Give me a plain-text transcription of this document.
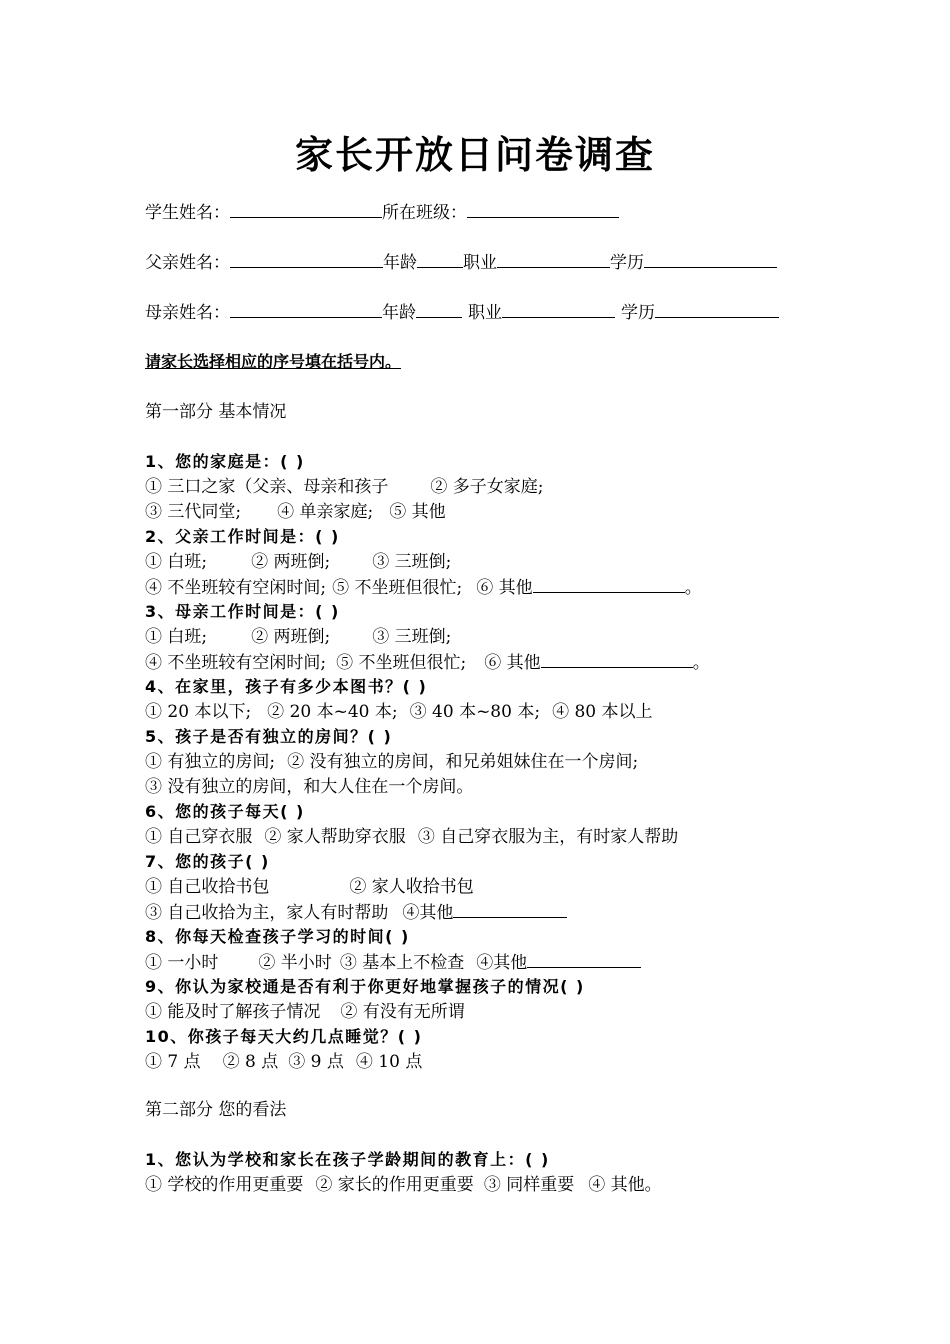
家长开放日问卷调查
学生姓名：	所在班级：
父亲姓名：	年龄	职业	学历
母亲姓名：	年龄	职业	学历
请家长选择相应的序号填在括号内。
第一部分 基本情况
1、您的家庭是：( )
① 三口之家（父亲、母亲和孩子 ② 多子女家庭;
③ 三代同堂; ④ 单亲家庭; ⑤ 其他
2、父亲工作时间是：( )
① 白班;	② 两班倒; ③ 三班倒;
④ 不坐班较有空闲时间; ⑤ 不坐班但很忙; ⑥ 其他	。
3、母亲工作时间是：( )
① 白班;	② 两班倒; ③ 三班倒;
④ 不坐班较有空闲时间; ⑤ 不坐班但很忙; ⑥ 其他	。
4、在家里，孩子有多少本图书？( )
① 20 本以下; ② 20 本~40 本; ③ 40 本~80 本; ④ 80 本以上
5、孩子是否有独立的房间？( )
① 有独立的房间; ② 没有独立的房间，和兄弟姐妹住在一个房间;
③ 没有独立的房间，和大人住在一个房间。
6、您的孩子每天( )
① 自己穿衣服 ② 家人帮助穿衣服 ③ 自己穿衣服为主，有时家人帮助
7、您的孩子( )
① 自己收拾书包	② 家人收拾书包
③ 自己收拾为主，家人有时帮助 ④其他
8、你每天检查孩子学习的时间( )
① 一小时 ② 半小时 ③ 基本上不检查 ④其他
9、你认为家校通是否有利于你更好地掌握孩子的情况( )
① 能及时了解孩子情况 ② 有没有无所谓
10、你孩子每天大约几点睡觉？( )
① 7 点 ② 8 点 ③ 9 点 ④ 10 点
第二部分 您的看法
1、您认为学校和家长在孩子学龄期间的教育上：( )
① 学校的作用更重要 ② 家长的作用更重要 ③ 同样重要 ④ 其他。
